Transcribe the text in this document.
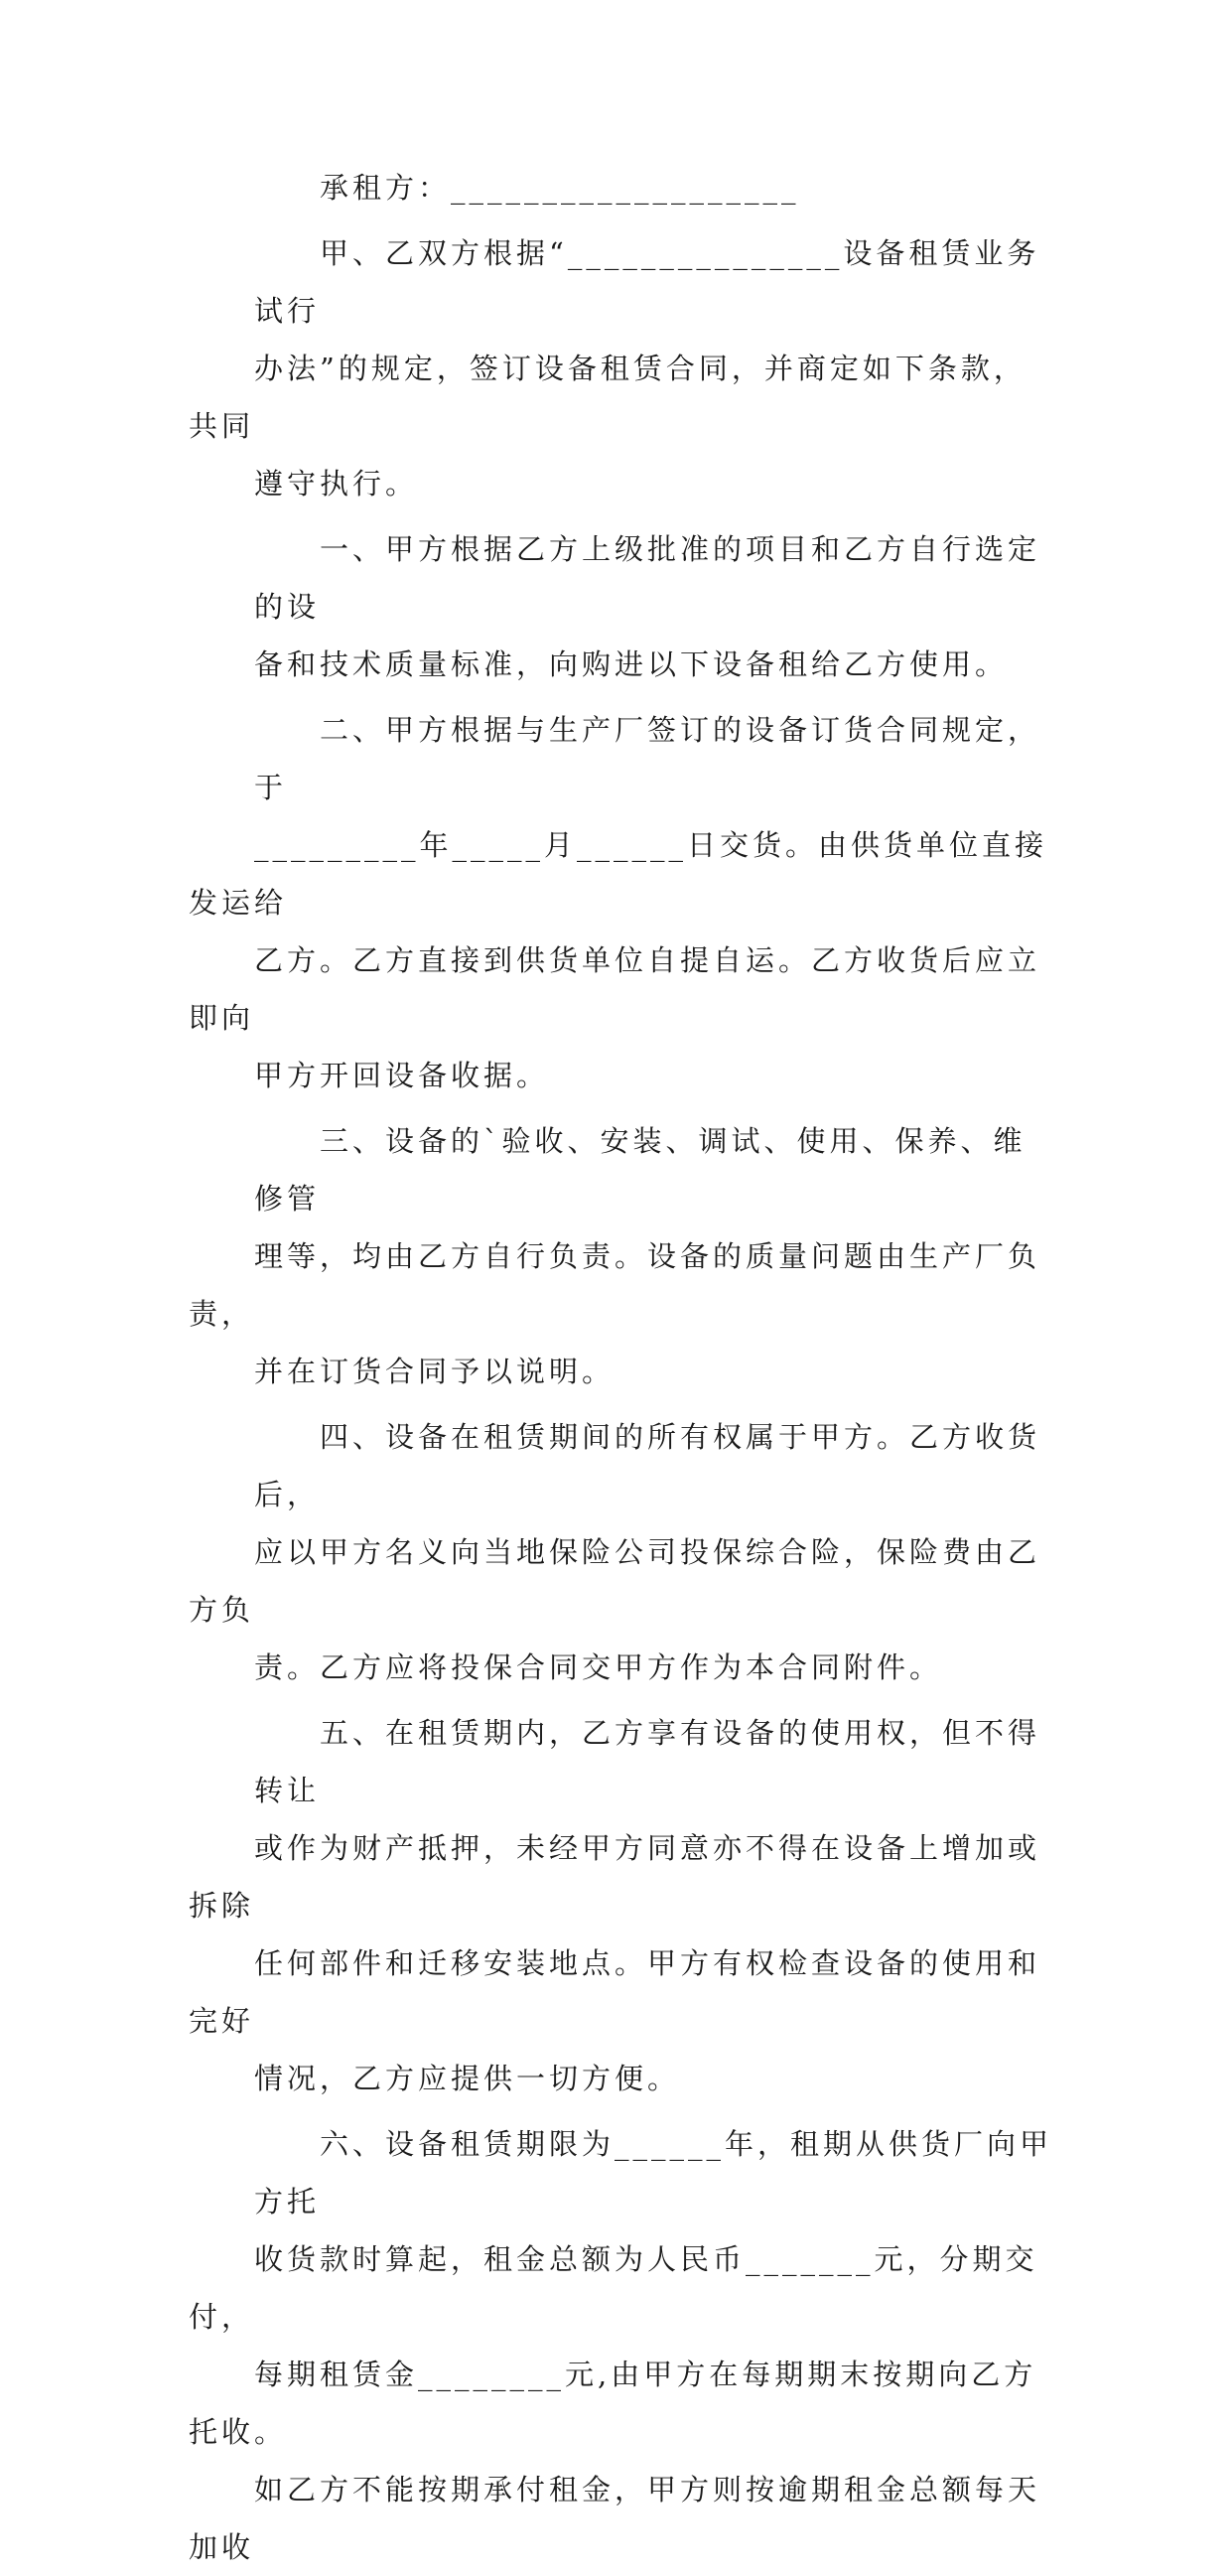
承租方：___________________
甲、乙双方根据“_______________设备租赁业务试行
办法”的规定，签订设备租赁合同，并商定如下条款，共同
遵守执行。
一、甲方根据乙方上级批准的项目和乙方自行选定的设
备和技术质量标准，向购进以下设备租给乙方使用。
二、甲方根据与生产厂签订的设备订货合同规定，于
_________年_____月______日交货。由供货单位直接发运给
乙方。乙方直接到供货单位自提自运。乙方收货后应立即向
甲方开回设备收据。
三、设备的`验收、安装、调试、使用、保养、维修管
理等，均由乙方自行负责。设备的质量问题由生产厂负责，
并在订货合同予以说明。
四、设备在租赁期间的所有权属于甲方。乙方收货后，
应以甲方名义向当地保险公司投保综合险，保险费由乙方负
责。乙方应将投保合同交甲方作为本合同附件。
五、在租赁期内，乙方享有设备的使用权，但不得转让
或作为财产抵押，未经甲方同意亦不得在设备上增加或拆除
任何部件和迁移安装地点。甲方有权检查设备的使用和完好
情况，乙方应提供一切方便。
六、设备租赁期限为______年，租期从供货厂向甲方托
收货款时算起，租金总额为人民币_______元，分期交付，
每期租赁金________元,由甲方在每期期末按期向乙方托收。
如乙方不能按期承付租金，甲方则按逾期租金总额每天加收
